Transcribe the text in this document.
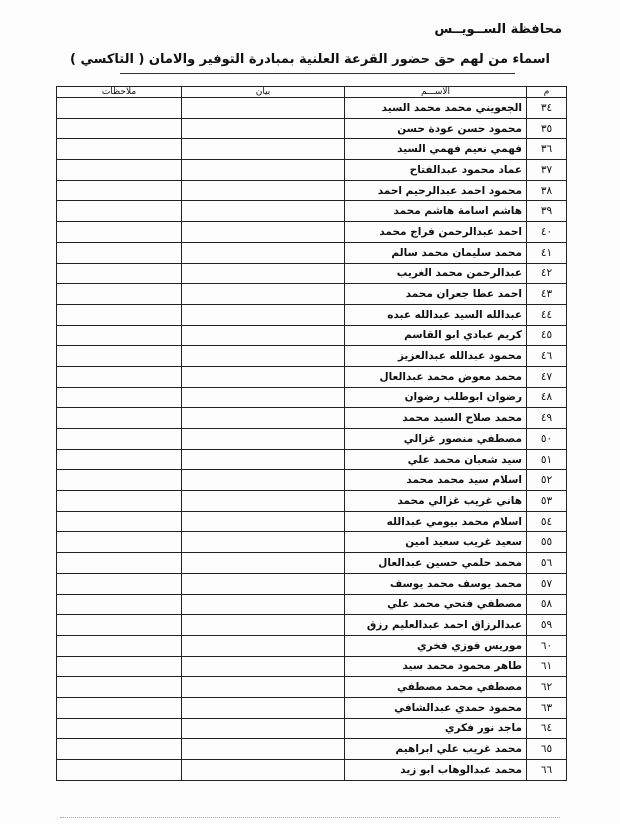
محافظة الســويــس
اسماء من لهم حق حضور القرعة العلنية بمبادرة التوفير والامان ( التاكسي )
م	الأســـم	بيان	ملاحظات
٣٤	الجعويني محمد محمد السيد		
٣٥	محمود حسن عودة حسن		
٣٦	فهمي نعيم فهمي السيد		
٣٧	عماد محمود عبدالفتاح		
٣٨	محمود احمد عبدالرحيم احمد		
٣٩	هاشم اسامة هاشم محمد		
٤٠	احمد عبدالرحمن فراج محمد		
٤١	محمد سليمان محمد سالم		
٤٢	عبدالرحمن محمد الغريب		
٤٣	احمد عطا جعران محمد		
٤٤	عبدالله السيد عبدالله عبده		
٤٥	كريم عبادي ابو القاسم		
٤٦	محمود عبدالله عبدالعزيز		
٤٧	محمد معوض محمد عبدالعال		
٤٨	رضوان ابوطلب رضوان		
٤٩	محمد صلاح السيد محمد		
٥٠	مصطفي منصور غزالي		
٥١	سيد شعبان محمد علي		
٥٢	اسلام سيد محمد محمد		
٥٣	هاني غريب غزالي محمد		
٥٤	اسلام محمد بيومي عبدالله		
٥٥	سعيد غريب سعيد امين		
٥٦	محمد حلمي حسين عبدالعال		
٥٧	محمد يوسف محمد يوسف		
٥٨	مصطفي فتحي محمد علي		
٥٩	عبدالرزاق احمد عبدالعليم رزق		
٦٠	موريس فوزي فخري		
٦١	طاهر محمود محمد سيد		
٦٢	مصطفي محمد مصطفي		
٦٣	محمود حمدي عبدالشافي		
٦٤	ماجد نور فكري		
٦٥	محمد غريب علي ابراهيم		
٦٦	محمد عبدالوهاب ابو زيد		
